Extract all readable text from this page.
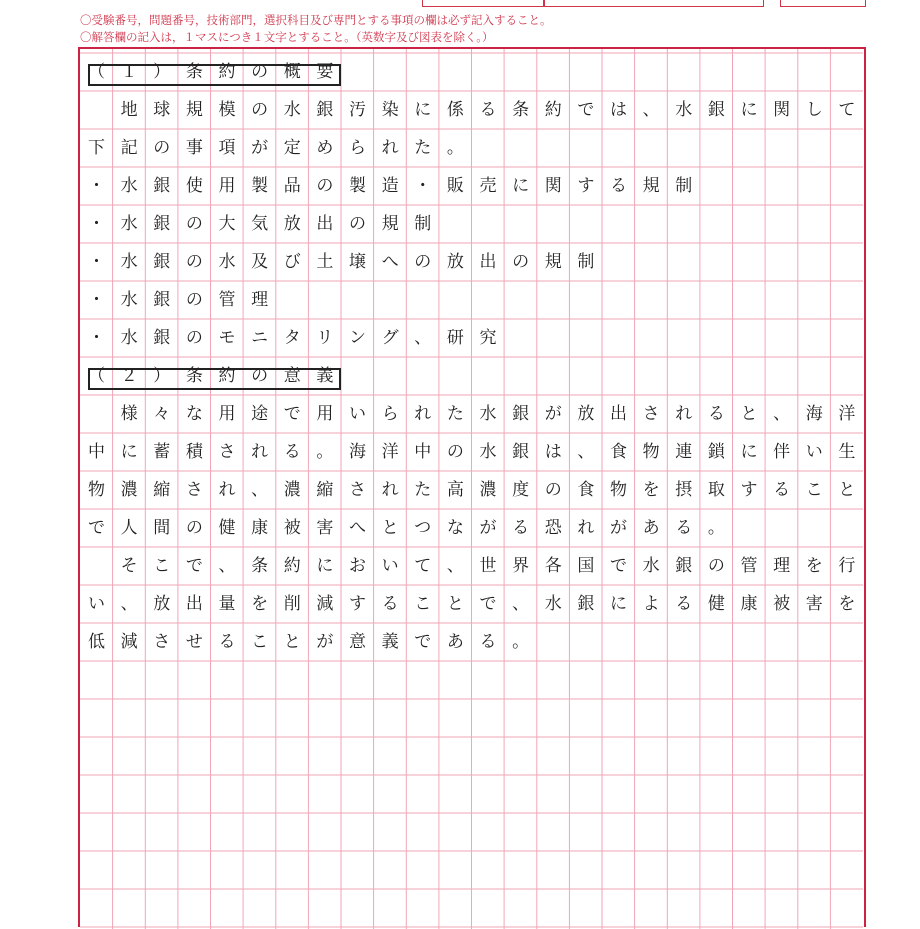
〇受験番号，問題番号，技術部門，選択科目及び専門とする事項の欄は必ず記入すること。
〇解答欄の記入は，１マスにつき１文字とすること。（英数字及び図表を除く。）
（ １ ） 条 約 の 概 要
地 球 規 模 の 水 銀 汚 染 に 係 る 条 約 で は 、 水 銀 に 関 し て
下 記 の 事 項 が 定 め ら れ た 。
・ 水 銀 使 用 製 品 の 製 造 ・ 販 売 に 関 す る 規 制
・ 水 銀 の 大 気 放 出 の 規 制
・ 水 銀 の 水 及 び 土 壌 へ の 放 出 の 規 制
・ 水 銀 の 管 理
・ 水 銀 の モ ニ タ リ ン グ 、 研 究
（ ２ ） 条 約 の 意 義
様 々 な 用 途 で 用 い ら れ た 水 銀 が 放 出 さ れ る と 、 海 洋
中 に 蓄 積 さ れ る 。 海 洋 中 の 水 銀 は 、 食 物 連 鎖 に 伴 い 生
物 濃 縮 さ れ 、 濃 縮 さ れ た 高 濃 度 の 食 物 を 摂 取 す る こ と
で 人 間 の 健 康 被 害 へ と つ な が る 恐 れ が あ る 。
そ こ で 、 条 約 に お い て 、 世 界 各 国 で 水 銀 の 管 理 を 行
い 、 放 出 量 を 削 減 す る こ と で 、 水 銀 に よ る 健 康 被 害 を
低 減 さ せ る こ と が 意 義 で あ る 。
